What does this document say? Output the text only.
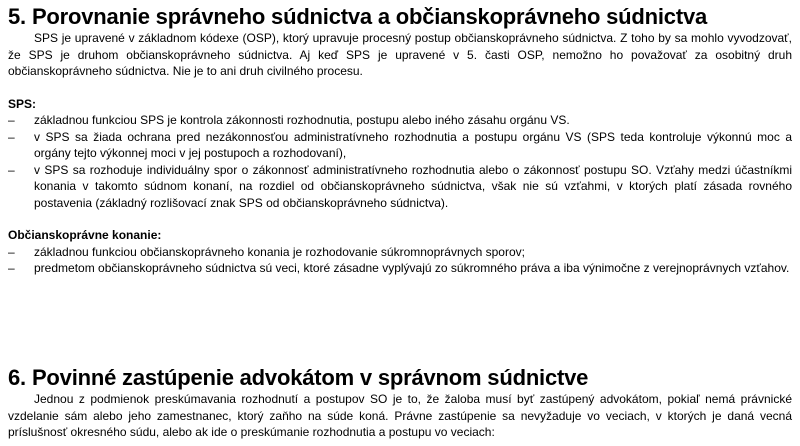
5. Porovnanie správneho súdnictva a občianskoprávneho súdnictva

SPS je upravené v základnom kódexe (OSP), ktorý upravuje procesný postup občianskoprávneho súdnictva. Z toho by sa mohlo vyvodzovať, že SPS je druhom občianskoprávneho súdnictva. Aj keď SPS je upravené v 5. časti OSP, nemožno ho považovať za osobitný druh občianskoprávneho súdnictva. Nie je to ani druh civilného procesu.

SPS:
– základnou funkciou SPS je kontrola zákonnosti rozhodnutia, postupu alebo iného zásahu orgánu VS.
– v SPS sa žiada ochrana pred nezákonnosťou administratívneho rozhodnutia a postupu orgánu VS (SPS teda kontroluje výkonnú moc a orgány tejto výkonnej moci v jej postupoch a rozhodovaní),
– v SPS sa rozhoduje individuálny spor o zákonnosť administratívneho rozhodnutia alebo o zákonnosť postupu SO. Vzťahy medzi účastníkmi konania v takomto súdnom konaní, na rozdiel od občianskoprávneho súdnictva, však nie sú vzťahmi, v ktorých platí zásada rovného postavenia (základný rozlišovací znak SPS od občianskoprávneho súdnictva).
Občianskoprávne konanie:
– základnou funkciou občianskoprávneho konania je rozhodovanie súkromnoprávnych sporov;
– predmetom občianskoprávneho súdnictva sú veci, ktoré zásadne vyplývajú zo súkromného práva a iba výnimočne z verejnoprávnych vzťahov.
6. Povinné zastúpenie advokátom v správnom súdnictve

Jednou z podmienok preskúmavania rozhodnutí a postupov SO je to, že žaloba musí byť zastúpený advokátom, pokiaľ nemá právnické vzdelanie sám alebo jeho zamestnanec, ktorý zaňho na súde koná. Právne zastúpenie sa nevyžaduje vo veciach, v ktorých je daná vecná príslušnosť okresného súdu, alebo ak ide o preskúmanie rozhodnutia a postupu vo veciach:
